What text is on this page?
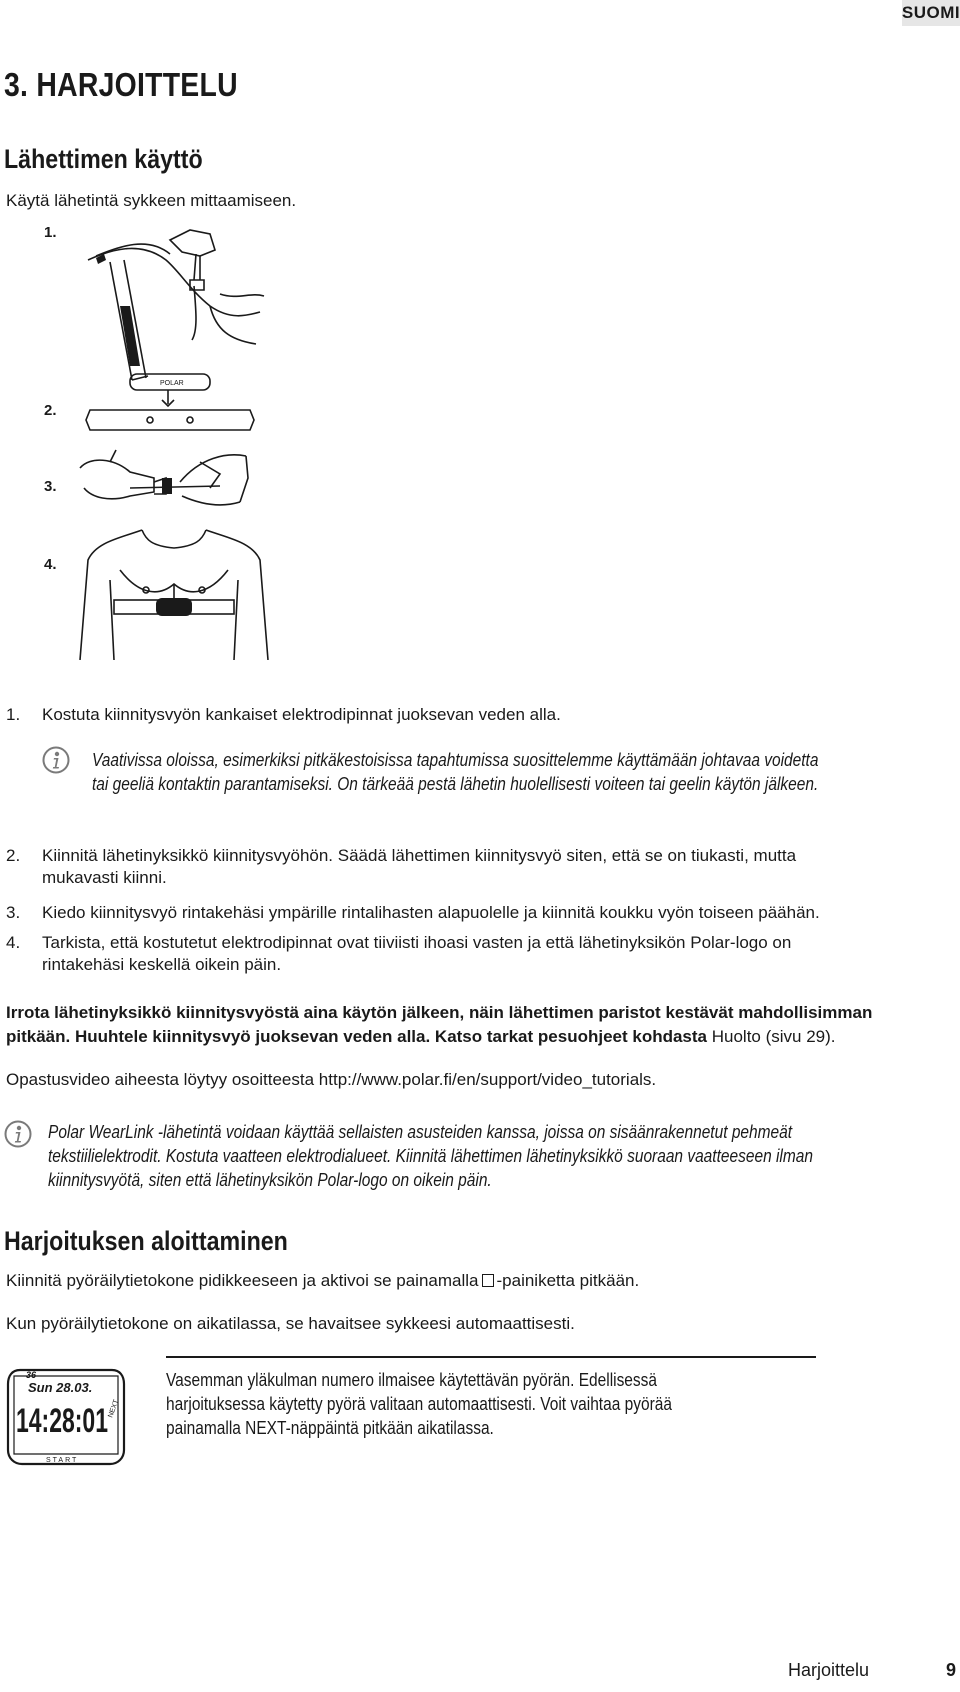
SUOMI
3. HARJOITTELU
Lähettimen käyttö
Käytä lähetintä sykkeen mittaamiseen.
1.
2.
3.
4.
POLAR
1. Kostuta kiinnitysvyön kankaiset elektrodipinnat juoksevan veden alla.
Vaativissa oloissa, esimerkiksi pitkäkestoisissa tapahtumissa suosittelemme käyttämään johtavaa voidetta
tai geeliä kontaktin parantamiseksi. On tärkeää pestä lähetin huolellisesti voiteen tai geelin käytön jälkeen.
2. Kiinnitä lähetinyksikkö kiinnitysvyöhön. Säädä lähettimen kiinnitysvyö siten, että se on tiukasti, mutta
mukavasti kiinni.
3. Kiedo kiinnitysvyö rintakehäsi ympärille rintalihasten alapuolelle ja kiinnitä koukku vyön toiseen päähän.
4. Tarkista, että kostutetut elektrodipinnat ovat tiiviisti ihoasi vasten ja että lähetinyksikön Polar-logo on
rintakehäsi keskellä oikein päin.
Irrota lähetinyksikkö kiinnitysvyöstä aina käytön jälkeen, näin lähettimen paristot kestävät mahdollisimman
pitkään. Huuhtele kiinnitysvyö juoksevan veden alla. Katso tarkat pesuohjeet kohdasta Huolto (sivu 29).
Opastusvideo aiheesta löytyy osoitteesta http://www.polar.fi/en/support/video_tutorials.
Polar WearLink -lähetintä voidaan käyttää sellaisten asusteiden kanssa, joissa on sisäänrakennetut pehmeät
tekstiilielektrodit. Kostuta vaatteen elektrodialueet. Kiinnitä lähettimen lähetinyksikkö suoraan vaatteeseen ilman
kiinnitysvyötä, siten että lähetinyksikön Polar-logo on oikein päin.
Harjoituksen aloittaminen
Kiinnitä pyöräilytietokone pidikkeeseen ja aktivoi se painamalla -painiketta pitkään.
Kun pyöräilytietokone on aikatilassa, se havaitsee sykkeesi automaattisesti.
36
Sun 28.03.
14:28:01
START
NEXT
Vasemman yläkulman numero ilmaisee käytettävän pyörän. Edellisessä
harjoituksessa käytetty pyörä valitaan automaattisesti. Voit vaihtaa pyörää
painamalla NEXT-näppäintä pitkään aikatilassa.
Harjoittelu	9
